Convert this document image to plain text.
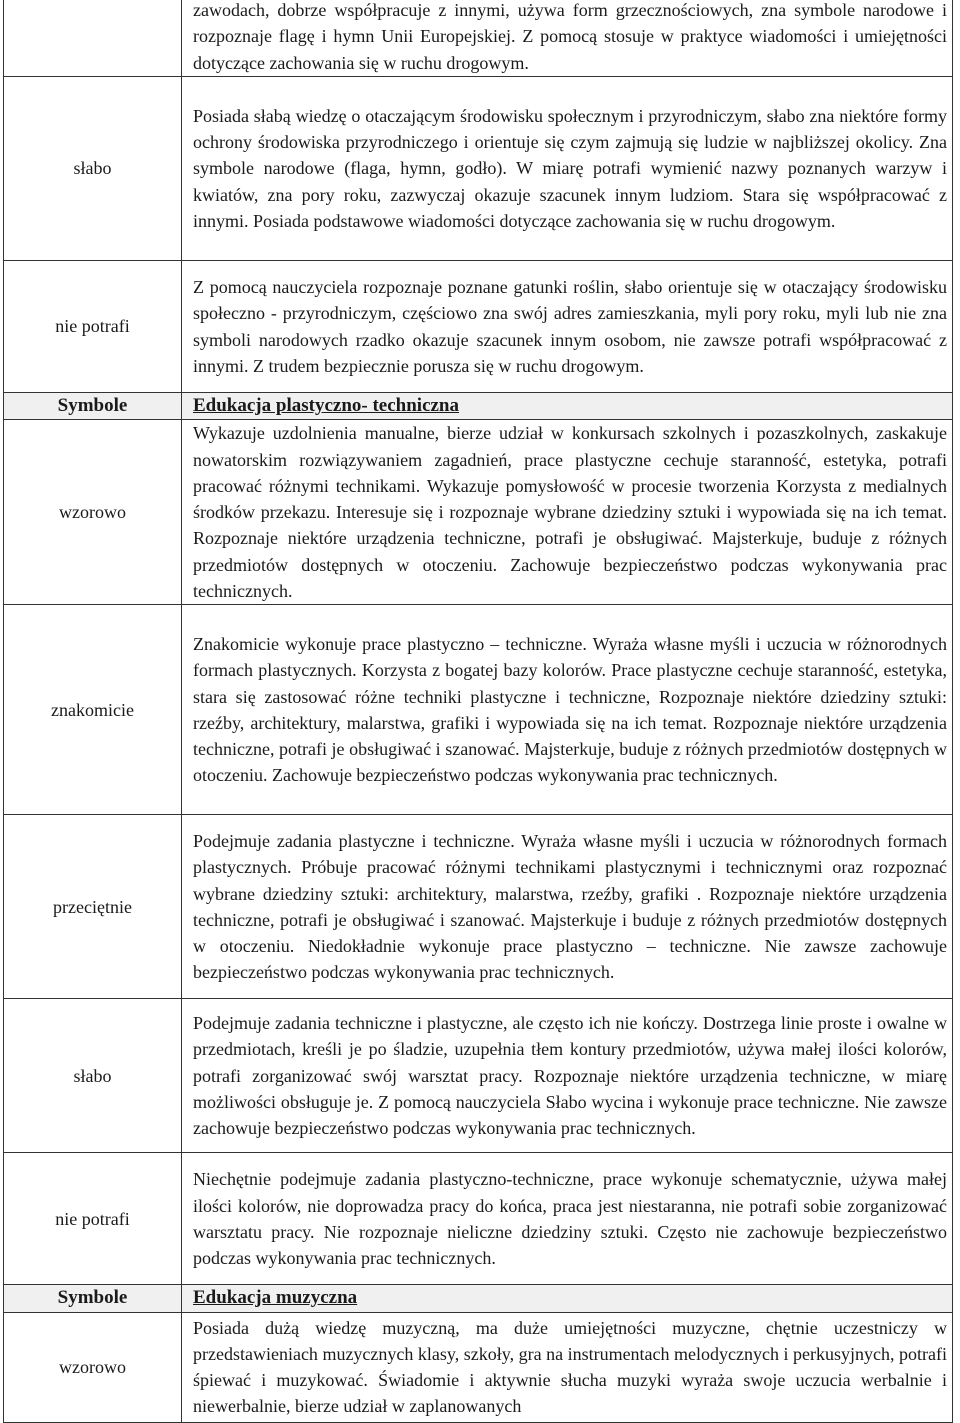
	zawodach, dobrze współpracuje z innymi, używa form grzecznościowych, zna symbole narodowe i rozpoznaje flagę i hymn Unii Europejskiej. Z pomocą stosuje w praktyce wiadomości i umiejętności dotyczące zachowania się w ruchu drogowym.
słabo	Posiada słabą wiedzę o otaczającym środowisku społecznym i przyrodniczym, słabo zna niektóre formy ochrony środowiska przyrodniczego i orientuje się czym zajmują się ludzie w najbliższej okolicy. Zna symbole narodowe (flaga, hymn, godło). W miarę potrafi wymienić nazwy poznanych warzyw i kwiatów, zna pory roku, zazwyczaj okazuje szacunek innym ludziom. Stara się współpracować z innymi. Posiada podstawowe wiadomości dotyczące zachowania się w ruchu drogowym.
nie potrafi	Z pomocą nauczyciela rozpoznaje poznane gatunki roślin, słabo orientuje się w otaczający środowisku społeczno - przyrodniczym, częściowo zna swój adres zamieszkania, myli pory roku, myli lub nie zna symboli narodowych rzadko okazuje szacunek innym osobom, nie zawsze potrafi współpracować z innymi. Z trudem bezpiecznie porusza się w ruchu drogowym.
Symbole	Edukacja plastyczno- techniczna
wzorowo	Wykazuje uzdolnienia manualne, bierze udział w konkursach szkolnych i pozaszkolnych, zaskakuje nowatorskim rozwiązywaniem zagadnień, prace plastyczne cechuje staranność, estetyka, potrafi pracować różnymi technikami. Wykazuje pomysłowość w procesie tworzenia Korzysta z medialnych środków przekazu. Interesuje się i rozpoznaje wybrane dziedziny sztuki i wypowiada się na ich temat. Rozpoznaje niektóre urządzenia techniczne, potrafi je obsługiwać. Majsterkuje, buduje z różnych przedmiotów dostępnych w otoczeniu. Zachowuje bezpieczeństwo podczas wykonywania prac technicznych.
znakomicie	Znakomicie wykonuje prace plastyczno – techniczne. Wyraża własne myśli i uczucia w różnorodnych formach plastycznych. Korzysta z bogatej bazy kolorów. Prace plastyczne cechuje staranność, estetyka, stara się zastosować różne techniki plastyczne i techniczne, Rozpoznaje niektóre dziedziny sztuki: rzeźby, architektury, malarstwa, grafiki i wypowiada się na ich temat. Rozpoznaje niektóre urządzenia techniczne, potrafi je obsługiwać i szanować. Majsterkuje, buduje z różnych przedmiotów dostępnych w otoczeniu. Zachowuje bezpieczeństwo podczas wykonywania prac technicznych.
przeciętnie	Podejmuje zadania plastyczne i techniczne. Wyraża własne myśli i uczucia w różnorodnych formach plastycznych. Próbuje pracować różnymi technikami plastycznymi i technicznymi oraz rozpoznać wybrane dziedziny sztuki: architektury, malarstwa, rzeźby, grafiki . Rozpoznaje niektóre urządzenia techniczne, potrafi je obsługiwać i szanować. Majsterkuje i buduje z różnych przedmiotów dostępnych w otoczeniu. Niedokładnie wykonuje prace plastyczno – techniczne. Nie zawsze zachowuje bezpieczeństwo podczas wykonywania prac technicznych.
słabo	Podejmuje zadania techniczne i plastyczne, ale często ich nie kończy. Dostrzega linie proste i owalne w przedmiotach, kreśli je po śladzie, uzupełnia tłem kontury przedmiotów, używa małej ilości kolorów, potrafi zorganizować swój warsztat pracy. Rozpoznaje niektóre urządzenia techniczne, w miarę możliwości obsługuje je. Z pomocą nauczyciela Słabo wycina i wykonuje prace techniczne. Nie zawsze zachowuje bezpieczeństwo podczas wykonywania prac technicznych.
nie potrafi	Niechętnie podejmuje zadania plastyczno-techniczne, prace wykonuje schematycznie, używa małej ilości kolorów, nie doprowadza pracy do końca, praca jest niestaranna, nie potrafi sobie zorganizować warsztatu pracy. Nie rozpoznaje nieliczne dziedziny sztuki. Często nie zachowuje bezpieczeństwo podczas wykonywania prac technicznych.
Symbole	Edukacja muzyczna
wzorowo	Posiada dużą wiedzę muzyczną, ma duże umiejętności muzyczne, chętnie uczestniczy w przedstawieniach muzycznych klasy, szkoły, gra na instrumentach melodycznych i perkusyjnych, potrafi śpiewać i muzykować. Świadomie i aktywnie słucha muzyki wyraża swoje uczucia werbalnie i niewerbalnie, bierze udział w zaplanowanych
